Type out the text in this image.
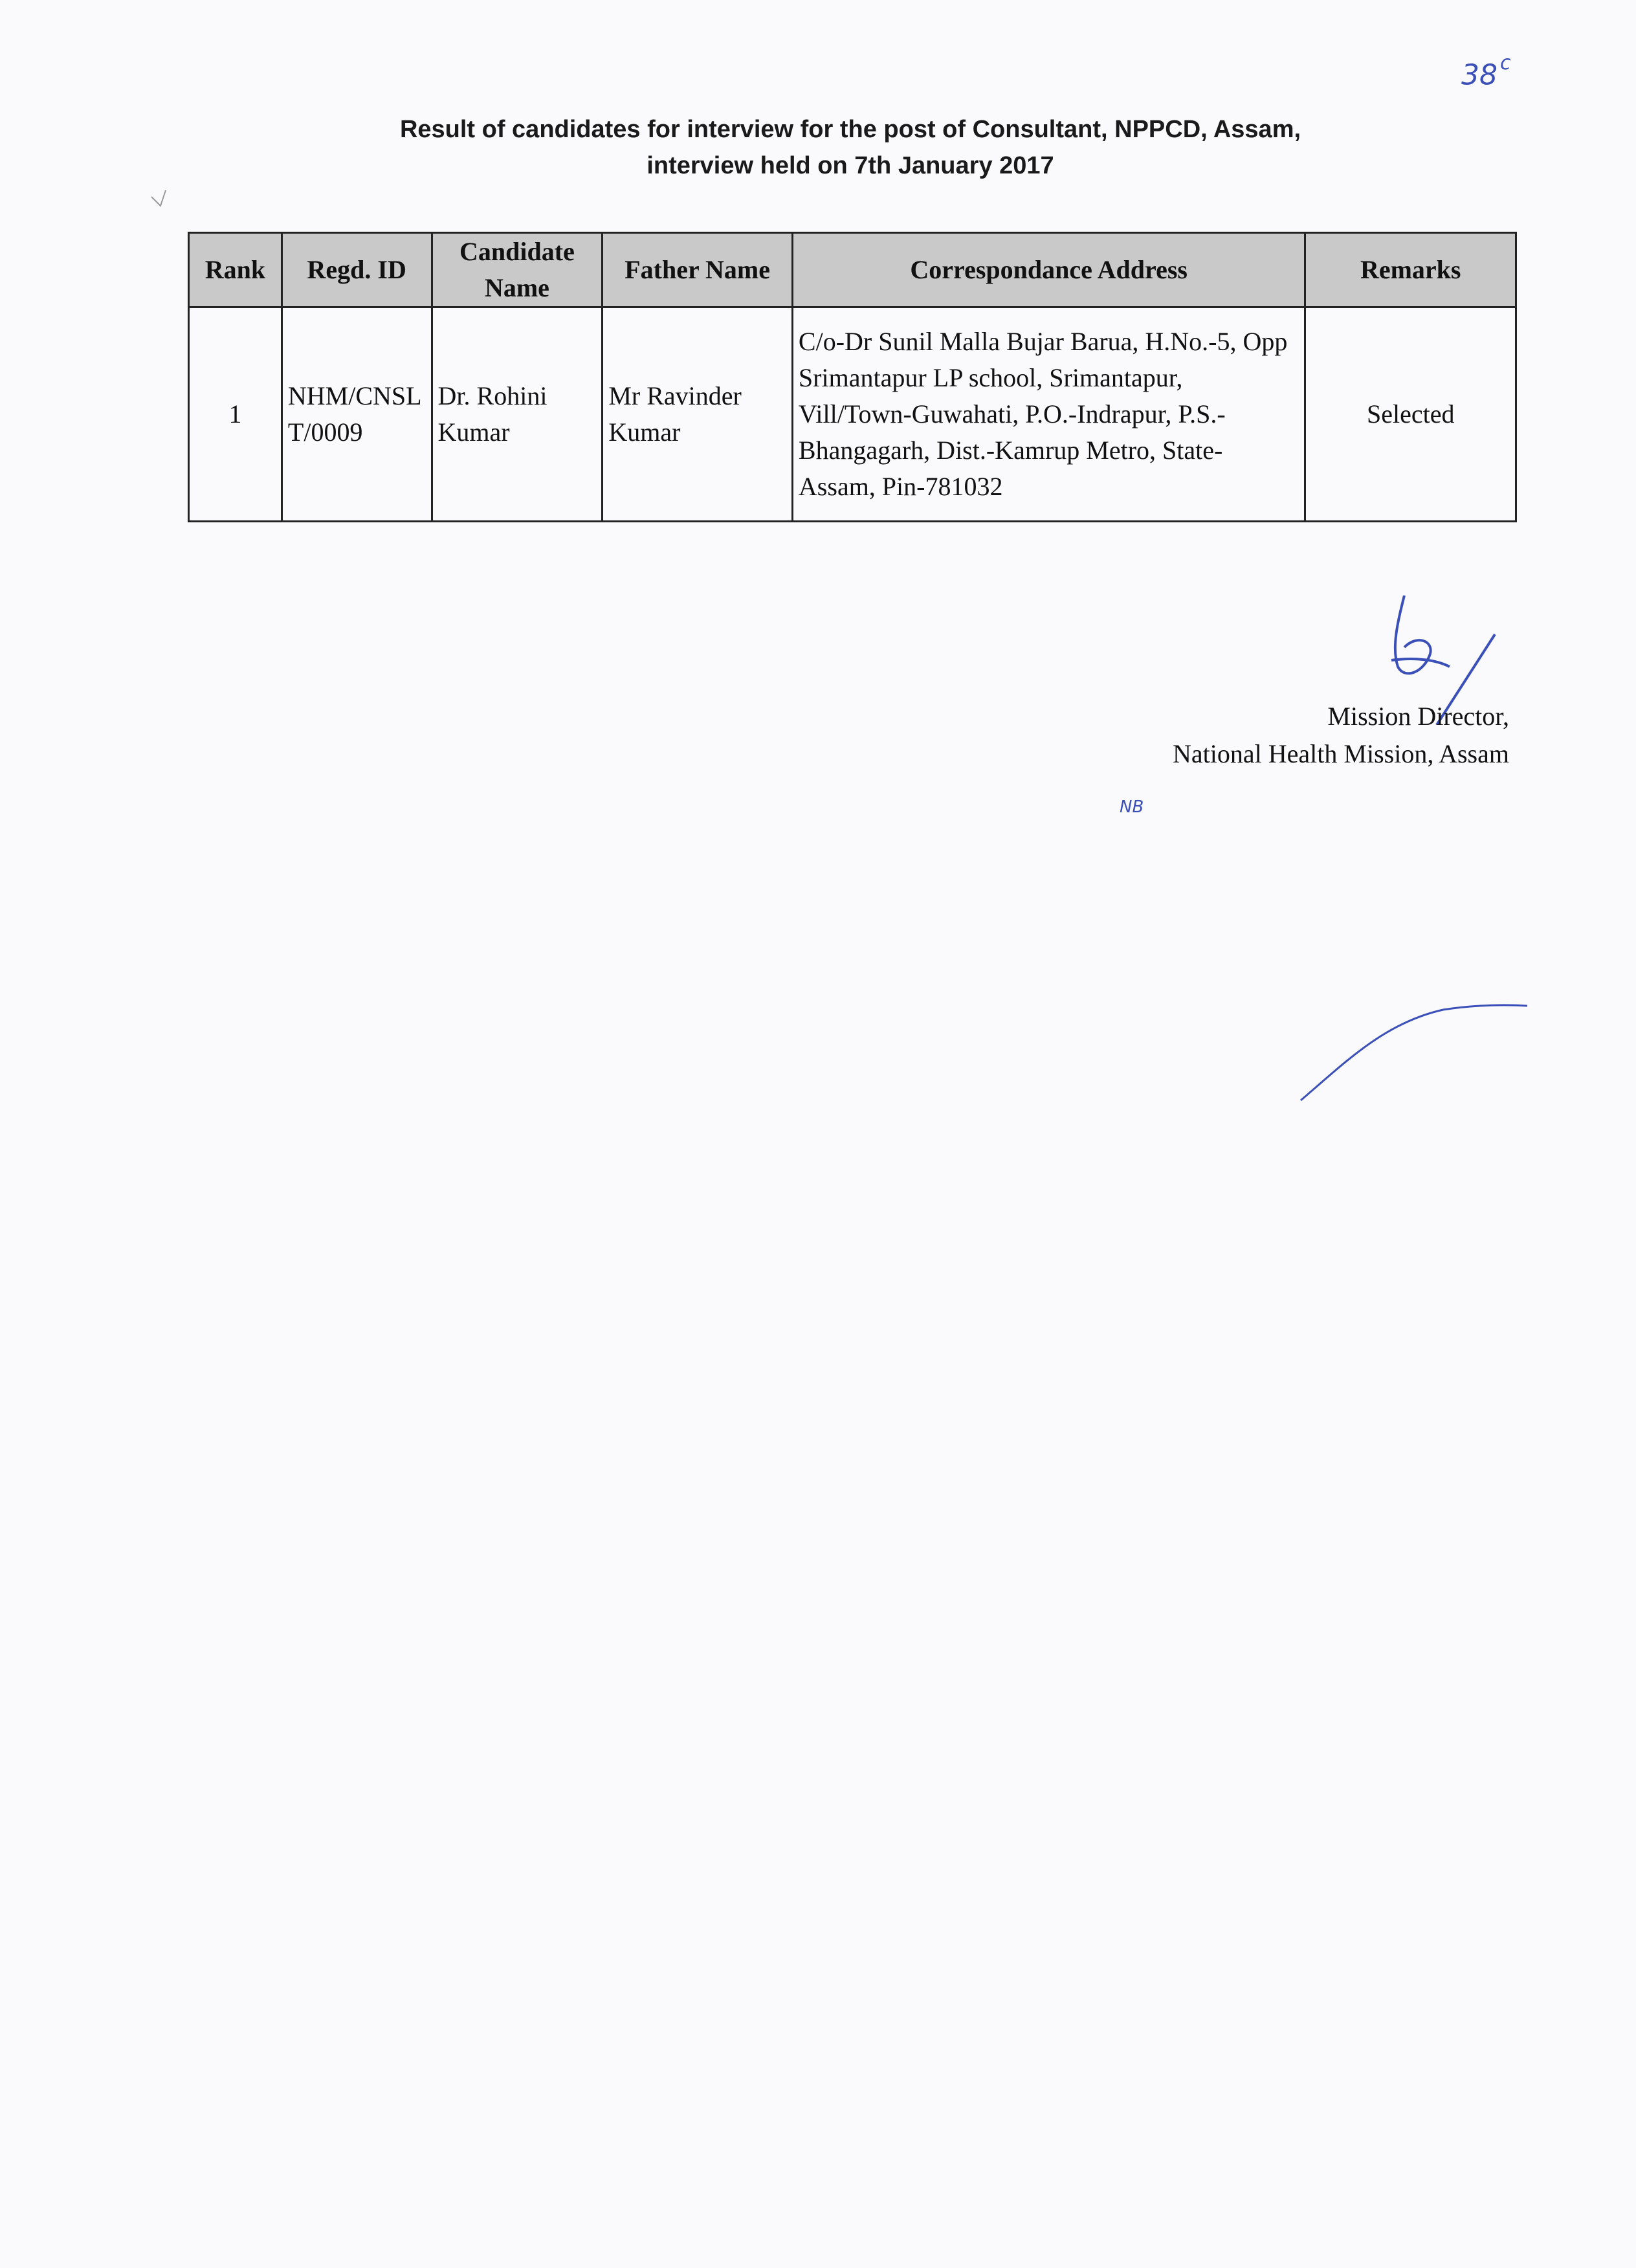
38 $^c$
Result of candidates for interview for the post of Consultant, NPPCD, Assam,
interview held on 7th January 2017
Rank	Regd. ID	Candidate Name	Father Name	Correspondance Address	Remarks
1	NHM/CNSLT/0009	Dr. Rohini Kumar	Mr Ravinder Kumar	C/o-Dr Sunil Malla Bujar Barua, H.No.-5, Opp Srimantapur LP school, Srimantapur, Vill/Town-Guwahati, P.O.-Indrapur, P.S.-Bhangagarh, Dist.-Kamrup Metro, State-Assam, Pin-781032	Selected
Mission Director,
National Health Mission, Assam
NB
